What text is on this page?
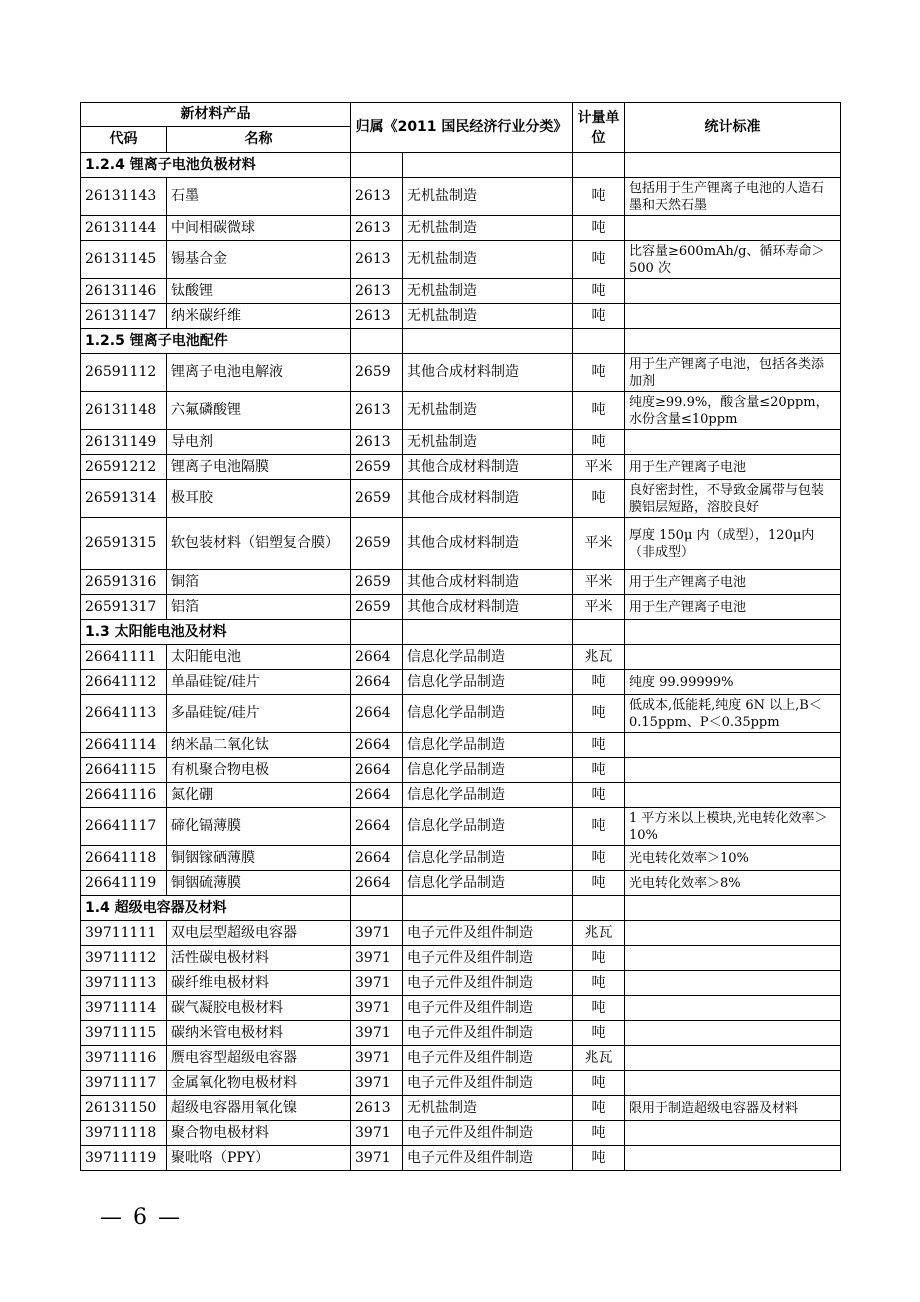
新材料产品		归属《2011 国民经济行业分类》		计量单位	统计标准
代码	名称				
1.2.4 锂离子电池负极材料					
26131143	石墨	2613	无机盐制造	吨	包括用于生产锂离子电池的人造石墨和天然石墨
26131144	中间相碳微球	2613	无机盐制造	吨	
26131145	锡基合金	2613	无机盐制造	吨	比容量≥600mAh/g、循环寿命＞500 次
26131146	钛酸锂	2613	无机盐制造	吨	
26131147	纳米碳纤维	2613	无机盐制造	吨	
1.2.5 锂离子电池配件					
26591112	锂离子电池电解液	2659	其他合成材料制造	吨	用于生产锂离子电池，包括各类添加剂
26131148	六氟磷酸锂	2613	无机盐制造	吨	纯度≥99.9%，酸含量≤20ppm，水份含量≤10ppm
26131149	导电剂	2613	无机盐制造	吨	
26591212	锂离子电池隔膜	2659	其他合成材料制造	平米	用于生产锂离子电池
26591314	极耳胶	2659	其他合成材料制造	吨	良好密封性，不导致金属带与包装膜铝层短路，溶胶良好
26591315	软包装材料（铝塑复合膜）	2659	其他合成材料制造	平米	厚度 150μ 内（成型），120μ内（非成型）
26591316	铜箔	2659	其他合成材料制造	平米	用于生产锂离子电池
26591317	铝箔	2659	其他合成材料制造	平米	用于生产锂离子电池
1.3 太阳能电池及材料					
26641111	太阳能电池	2664	信息化学品制造	兆瓦	
26641112	单晶硅锭/硅片	2664	信息化学品制造	吨	纯度 99.99999%
26641113	多晶硅锭/硅片	2664	信息化学品制造	吨	低成本,低能耗,纯度 6N 以上,B＜0.15ppm、P＜0.35ppm
26641114	纳米晶二氧化钛	2664	信息化学品制造	吨	
26641115	有机聚合物电极	2664	信息化学品制造	吨	
26641116	氮化硼	2664	信息化学品制造	吨	
26641117	碲化镉薄膜	2664	信息化学品制造	吨	1 平方米以上模块,光电转化效率＞10%
26641118	铜铟镓硒薄膜	2664	信息化学品制造	吨	光电转化效率＞10%
26641119	铜铟硫薄膜	2664	信息化学品制造	吨	光电转化效率＞8%
1.4 超级电容器及材料					
39711111	双电层型超级电容器	3971	电子元件及组件制造	兆瓦	
39711112	活性碳电极材料	3971	电子元件及组件制造	吨	
39711113	碳纤维电极材料	3971	电子元件及组件制造	吨	
39711114	碳气凝胶电极材料	3971	电子元件及组件制造	吨	
39711115	碳纳米管电极材料	3971	电子元件及组件制造	吨	
39711116	赝电容型超级电容器	3971	电子元件及组件制造	兆瓦	
39711117	金属氧化物电极材料	3971	电子元件及组件制造	吨	
26131150	超级电容器用氧化镍	2613	无机盐制造	吨	限用于制造超级电容器及材料
39711118	聚合物电极材料	3971	电子元件及组件制造	吨	
39711119	聚吡咯（PPY）	3971	电子元件及组件制造	吨	
— 6 —
